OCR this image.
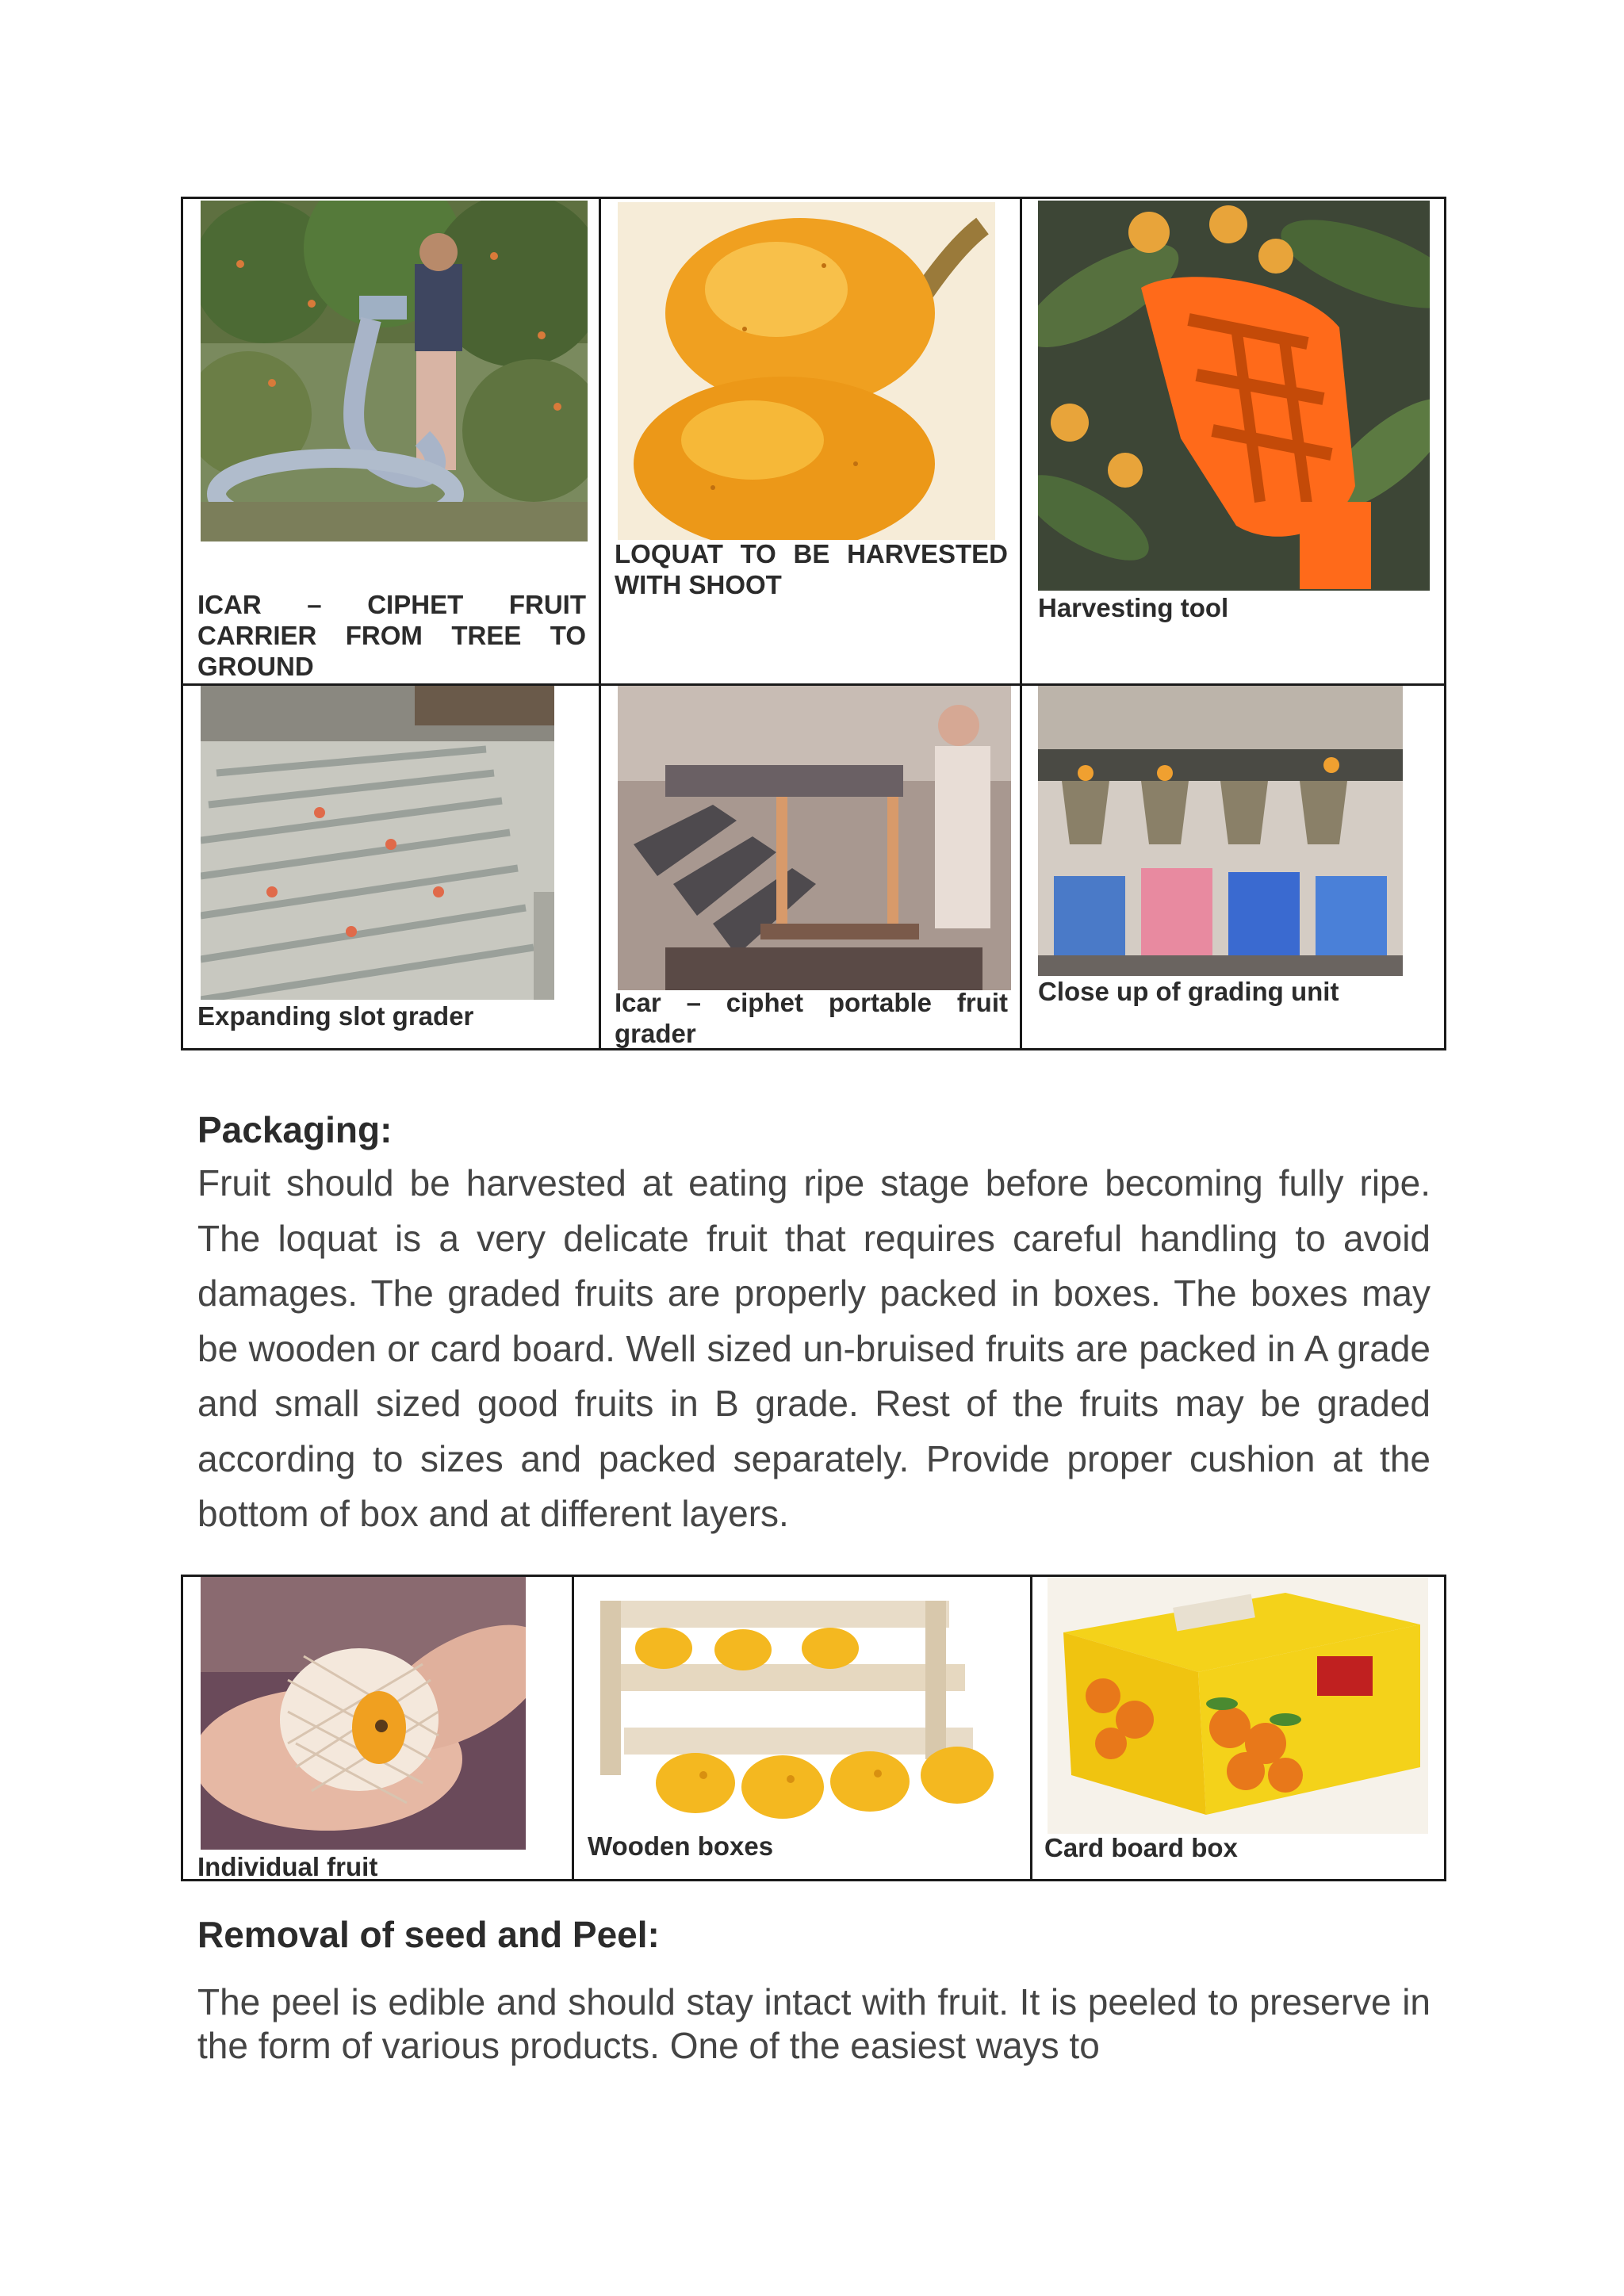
ICAR – CIPHET FRUIT CARRIER FROM TREE TO GROUND

LOQUAT TO BE HARVESTED WITH SHOOT

Harvesting tool

Expanding slot grader	Icar – ciphet portable fruit grader

Close up of grading unit

Packaging:

Fruit should be harvested at eating ripe stage before becoming fully ripe. The loquat is a very delicate fruit that requires careful handling to avoid damages. The graded fruits are properly packed in boxes. The boxes may be wooden or card board. Well sized un-bruised fruits are packed in A grade and small sized good fruits in B grade. Rest of the fruits may be graded according to sizes and packed separately. Provide proper cushion at the bottom of box and at different layers.

Individual fruit

Wooden boxes	Card board box

Removal of seed and Peel:

The peel is edible and should stay intact with fruit. It is peeled to preserve in the form of various products. One of the easiest ways to
